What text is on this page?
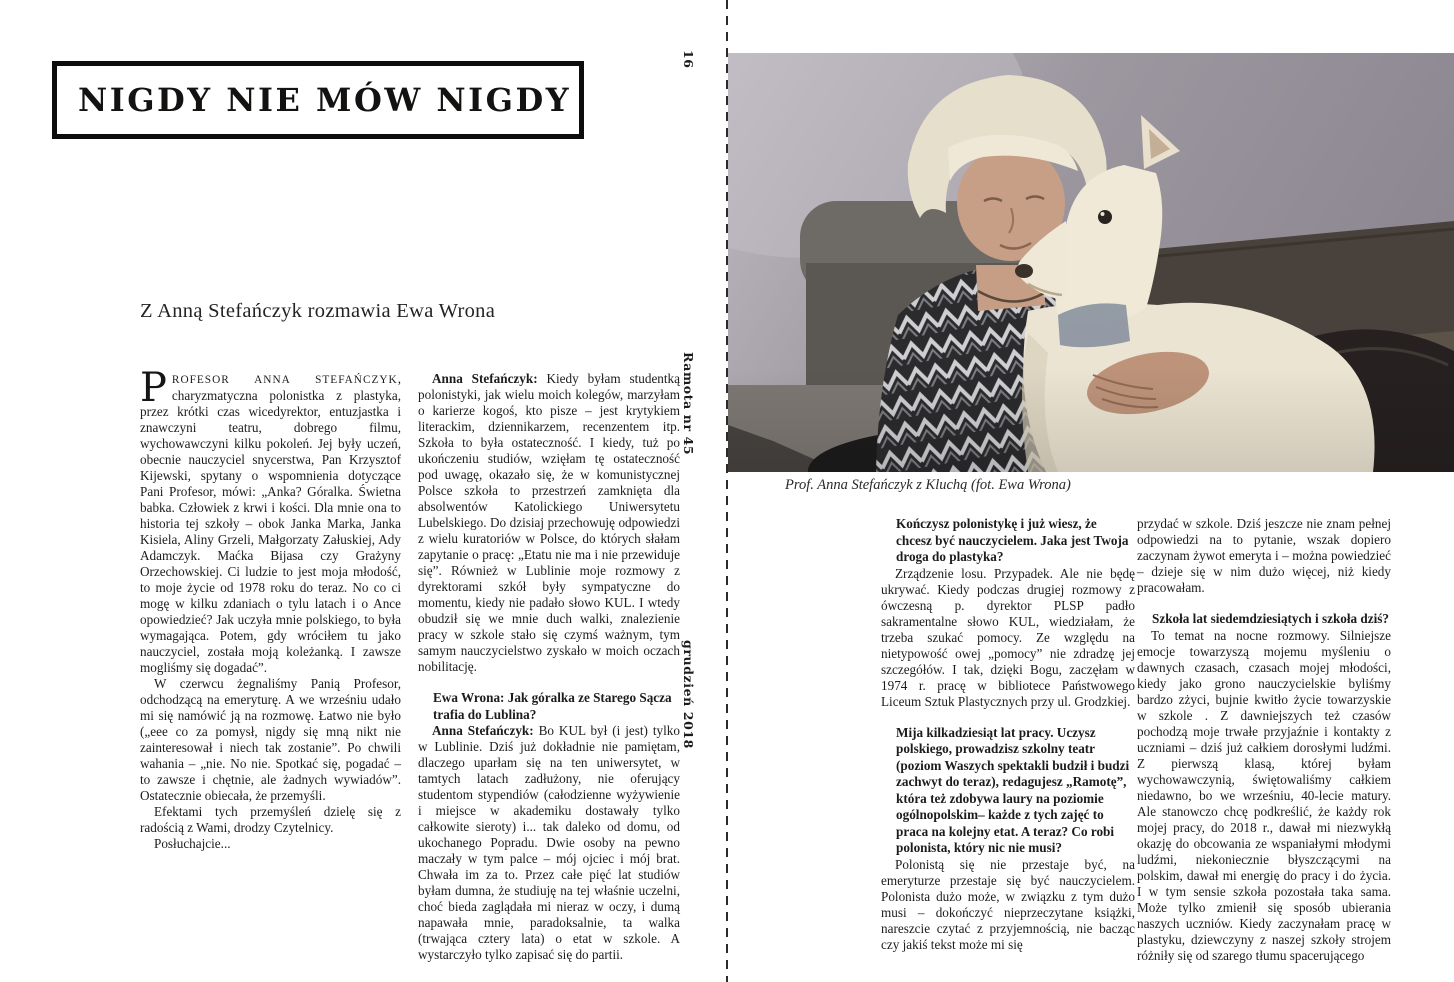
16
Ramota nr 45
grudzień 2018
NIGDY NIE MÓW NIGDY
Z Anną Stefańczyk rozmawia Ewa Wrona

PROFESOR ANNA STEFAŃCZYK, charyzmatyczna polonistka z plastyka, przez krótki czas wicedyrektor, entuzjastka i znawczyni teatru, dobrego filmu, wychowawczyni kilku pokoleń. Jej były uczeń, obecnie nauczyciel snycerstwa, Pan Krzysztof Kijewski, spytany o wspomnienia dotyczące Pani Profesor, mówi: „Anka? Góralka. Świetna babka. Człowiek z krwi i kości. Dla mnie ona to historia tej szkoły – obok Janka Marka, Janka Kisiela, Aliny Grzeli, Małgorzaty Załuskiej, Ady Adamczyk. Maćka Bijasa czy Grażyny Orzechowskiej. Ci ludzie to jest moja młodość, to moje życie od 1978 roku do teraz. No co ci mogę w kilku zdaniach o tylu latach i o Ance opowiedzieć? Jak uczyła mnie polskiego, to była wymagająca. Potem, gdy wróciłem tu jako nauczyciel, została moją koleżanką. I zawsze mogliśmy się dogadać”.

W czerwcu żegnaliśmy Panią Profesor, odchodzącą na emeryturę. A we wrześniu udało mi się namówić ją na rozmowę. Łatwo nie było („eee co za pomysł, nigdy się mną nikt nie zainteresował i niech tak zostanie”. Po chwili wahania – „nie. No nie. Spotkać się, pogadać – to zawsze i chętnie, ale żadnych wywiadów”. Ostatecznie obiecała, że przemyśli.

Efektami tych przemyśleń dzielę się z radością z Wami, drodzy Czytelnicy.

Posłuchajcie...

Anna Stefańczyk: Kiedy byłam studentką polonistyki, jak wielu moich kolegów, marzyłam o karierze kogoś, kto pisze – jest krytykiem literackim, dziennikarzem, recenzentem itp. Szkoła to była ostateczność. I kiedy, tuż po ukończeniu studiów, wzięłam tę ostateczność pod uwagę, okazało się, że w komunistycznej Polsce szkoła to przestrzeń zamknięta dla absolwentów Katolickiego Uniwersytetu Lubelskiego. Do dzisiaj przechowuję odpowiedzi z wielu kuratoriów w Polsce, do których słałam zapytanie o pracę: „Etatu nie ma i nie przewiduje się”. Również w Lublinie moje rozmowy z dyrektorami szkół były sympatyczne do momentu, kiedy nie padało słowo KUL. I wtedy obudził się we mnie duch walki, znalezienie pracy w szkole stało się czymś ważnym, tym samym nauczycielstwo zyskało w moich oczach nobilitację.

Ewa Wrona: Jak góralka ze Starego Sącza trafia do Lublina?

Anna Stefańczyk: Bo KUL był (i jest) tylko w Lublinie. Dziś już dokładnie nie pamiętam, dlaczego uparłam się na ten uniwersytet, w tamtych latach zadłużony, nie oferujący studentom stypendiów (całodzienne wyżywienie i miejsce w akademiku dostawały tylko całkowite sieroty) i... tak daleko od domu, od ukochanego Popradu. Dwie osoby na pewno maczały w tym palce – mój ojciec i mój brat. Chwała im za to. Przez całe pięć lat studiów byłam dumna, że studiuję na tej właśnie uczelni, choć bieda zaglądała mi nieraz w oczy, i dumą napawała mnie, paradoksalnie, ta walka (trwająca cztery lata) o etat w szkole. A wystarczyło tylko zapisać się do partii.

Prof. Anna Stefańczyk z Kluchą (fot. Ewa Wrona)

Kończysz polonistykę i już wiesz, że chcesz być nauczycielem. Jaka jest Twoja droga do plastyka?

Zrządzenie losu. Przypadek. Ale nie będę ukrywać. Kiedy podczas drugiej rozmowy z ówczesną p. dyrektor PLSP padło sakramentalne słowo KUL, wiedziałam, że trzeba szukać pomocy. Ze względu na nietypowość owej „pomocy” nie zdradzę jej szczegółów. I tak, dzięki Bogu, zaczęłam w 1974 r. pracę w bibliotece Państwowego Liceum Sztuk Plastycznych przy ul. Grodzkiej.

Mija kilkadziesiąt lat pracy. Uczysz polskiego, prowadzisz szkolny teatr (poziom Waszych spektakli budził i budzi zachwyt do teraz), redagujesz „Ramotę”, która też zdobywa laury na poziomie ogólnopolskim– każde z tych zajęć to praca na kolejny etat. A teraz? Co robi polonista, który nic nie musi?

Polonistą się nie przestaje być, na emeryturze przestaje się być nauczycielem. Polonista dużo może, w związku z tym dużo musi – dokończyć nieprzeczytane książki, nareszcie czytać z przyjemnością, nie bacząc czy jakiś tekst może mi się

przydać w szkole. Dziś jeszcze nie znam pełnej odpowiedzi na to pytanie, wszak dopiero zaczynam żywot emeryta i – można powiedzieć – dzieje się w nim dużo więcej, niż kiedy pracowałam.

Szkoła lat siedemdziesiątych i szkoła dziś?

To temat na nocne rozmowy. Silniejsze emocje towarzyszą mojemu myśleniu o dawnych czasach, czasach mojej młodości, kiedy jako grono nauczycielskie byliśmy bardzo zżyci, bujnie kwitło życie towarzyskie w szkole . Z dawniejszych też czasów pochodzą moje trwałe przyjaźnie i kontakty z uczniami – dziś już całkiem dorosłymi ludźmi. Z pierwszą klasą, której byłam wychowawczynią, świętowaliśmy całkiem niedawno, bo we wrześniu, 40-lecie matury. Ale stanowczo chcę podkreślić, że każdy rok mojej pracy, do 2018 r., dawał mi niezwykłą okazję do obcowania ze wspaniałymi młodymi ludźmi, niekoniecznie błyszczącymi na polskim, dawał mi energię do pracy i do życia. I w tym sensie szkoła pozostała taka sama. Może tylko zmienił się sposób ubierania naszych uczniów. Kiedy zaczynałam pracę w plastyku, dziewczyny z naszej szkoły strojem różniły się od szarego tłumu spacerującego
